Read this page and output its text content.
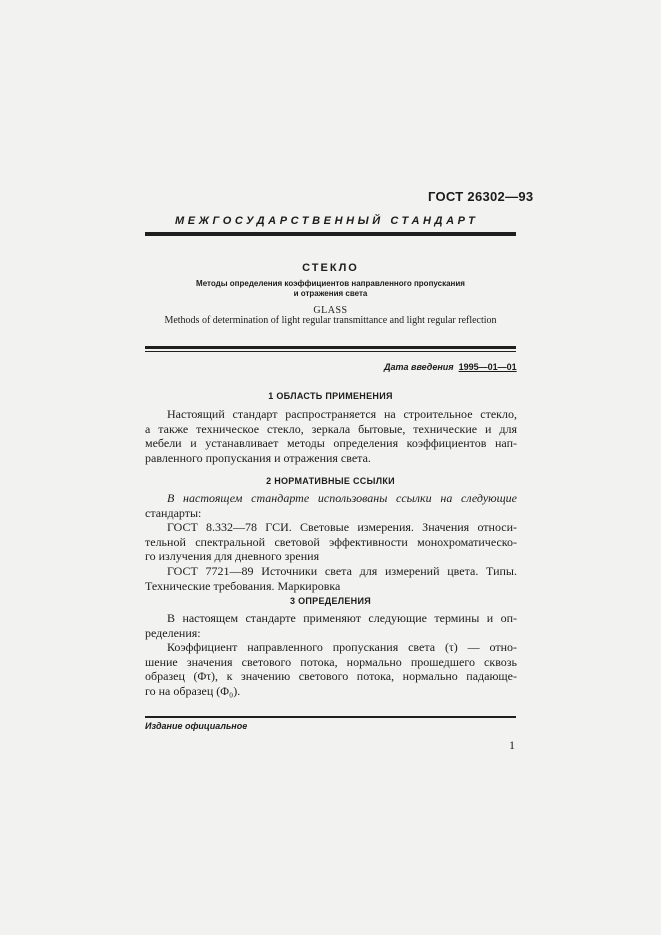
ГОСТ 26302—93
МЕЖГОСУДАРСТВЕННЫЙ СТАНДАРТ
СТЕКЛО
Методы определения коэффициентов направленного пропускания
и отражения света
GLASS
Methods of determination of light regular transmittance and light regular reflection
Дата введения 1995—01—01
1 ОБЛАСТЬ ПРИМЕНЕНИЯ
Настоящий стандарт распространяется на строительное стекло,
а также техническое стекло, зеркала бытовые, технические и для
мебели и устанавливает методы определения коэффициентов нап-
равленного пропускания и отражения света.
2 НОРМАТИВНЫЕ ССЫЛКИ
В настоящем стандарте использованы ссылки на следующие
стандарты:
ГОСТ 8.332—78 ГСИ. Световые измерения. Значения относи-
тельной спектральной световой эффективности монохроматическо-
го излучения для дневного зрения
ГОСТ 7721—89 Источники света для измерений цвета. Типы.
Технические требования. Маркировка
3 ОПРЕДЕЛЕНИЯ
В настоящем стандарте применяют следующие термины и оп-
ределения:
Коэффициент направленного пропускания света (τ) — отно-
шение значения светового потока, нормально прошедшего сквозь
образец (Φτ), к значению светового потока, нормально падающе-
го на образец (Φ₀).
Издание официальное
1
